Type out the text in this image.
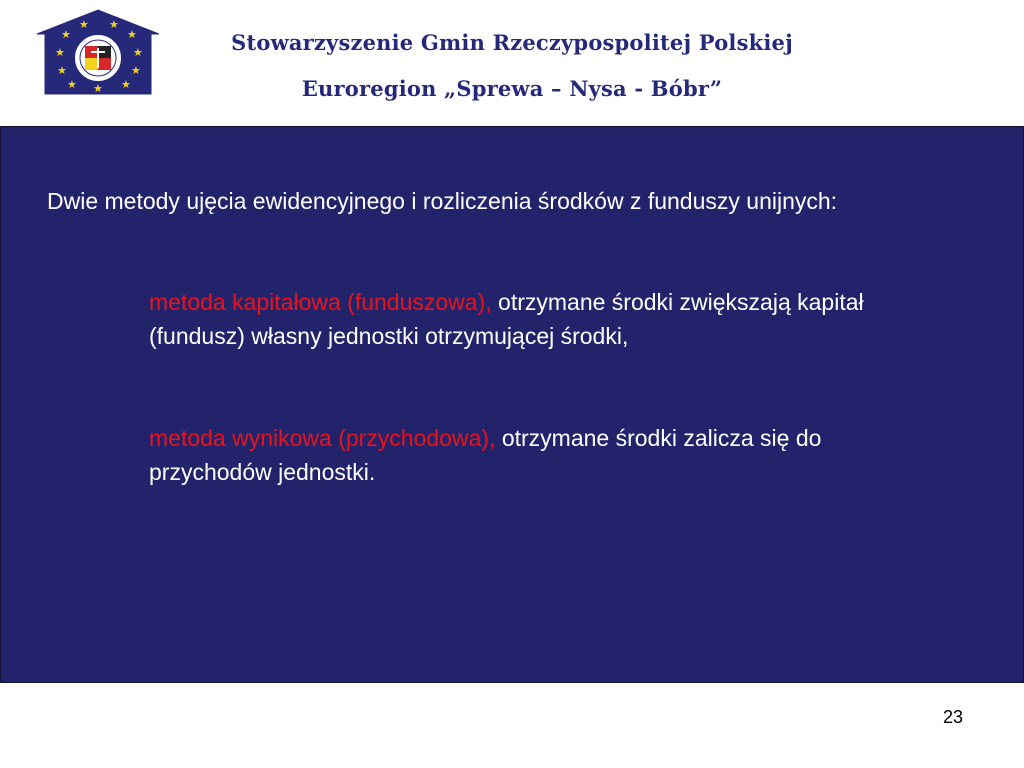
★
★ ★
★
★	★
★	★
★	★
★
Stowarzyszenie Gmin Rzeczypospolitej Polskiej
Euroregion „Sprewa – Nysa - Bóbr”
Dwie metody ujęcia ewidencyjnego i rozliczenia środków z funduszy unijnych:
metoda kapitałowa (funduszowa), otrzymane środki zwiększają kapitał (fundusz) własny jednostki otrzymującej środki,
metoda wynikowa (przychodowa), otrzymane środki zalicza się do przychodów jednostki.
23
